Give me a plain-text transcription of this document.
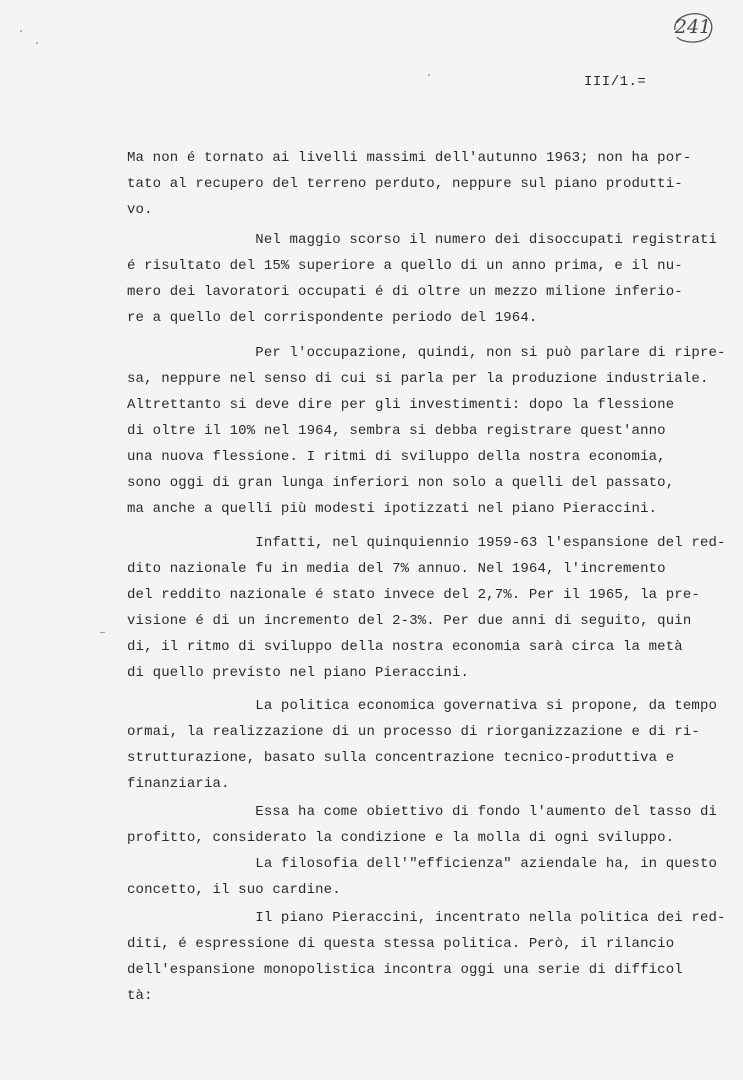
241
III/1.=
Ma non é tornato ai livelli massimi dell'autunno 1963; non ha por-
tato al recupero del terreno perduto, neppure sul piano produtti-
vo.
Nel maggio scorso il numero dei disoccupati registrati
é risultato del 15% superiore a quello di un anno prima, e il nu-
mero dei lavoratori occupati é di oltre un mezzo milione inferio-
re a quello del corrispondente periodo del 1964.
Per l'occupazione, quindi, non si può parlare di ripre-
sa, neppure nel senso di cui si parla per la produzione industriale.
Altrettanto si deve dire per gli investimenti: dopo la flessione
di oltre il 10% nel 1964, sembra si debba registrare quest'anno
una nuova flessione. I ritmi di sviluppo della nostra economia,
sono oggi di gran lunga inferiori non solo a quelli del passato,
ma anche a quelli più modesti ipotizzati nel piano Pieraccini.
Infatti, nel quinquiennio 1959-63 l'espansione del red-
dito nazionale fu in media del 7% annuo. Nel 1964, l'incremento
del reddito nazionale é stato invece del 2,7%. Per il 1965, la pre-
visione é di un incremento del 2-3%. Per due anni di seguito, quin
di, il ritmo di sviluppo della nostra economia sarà circa la metà
di quello previsto nel piano Pieraccini.
La politica economica governativa si propone, da tempo
ormai, la realizzazione di un processo di riorganizzazione e di ri-
strutturazione, basato sulla concentrazione tecnico-produttiva e
finanziaria.
Essa ha come obiettivo di fondo l'aumento del tasso di
profitto, considerato la condizione e la molla di ogni sviluppo.
La filosofia dell'"efficienza" aziendale ha, in questo
concetto, il suo cardine.
Il piano Pieraccini, incentrato nella politica dei red-
diti, é espressione di questa stessa politica. Però, il rilancio
dell'espansione monopolistica incontra oggi una serie di difficol
tà:
